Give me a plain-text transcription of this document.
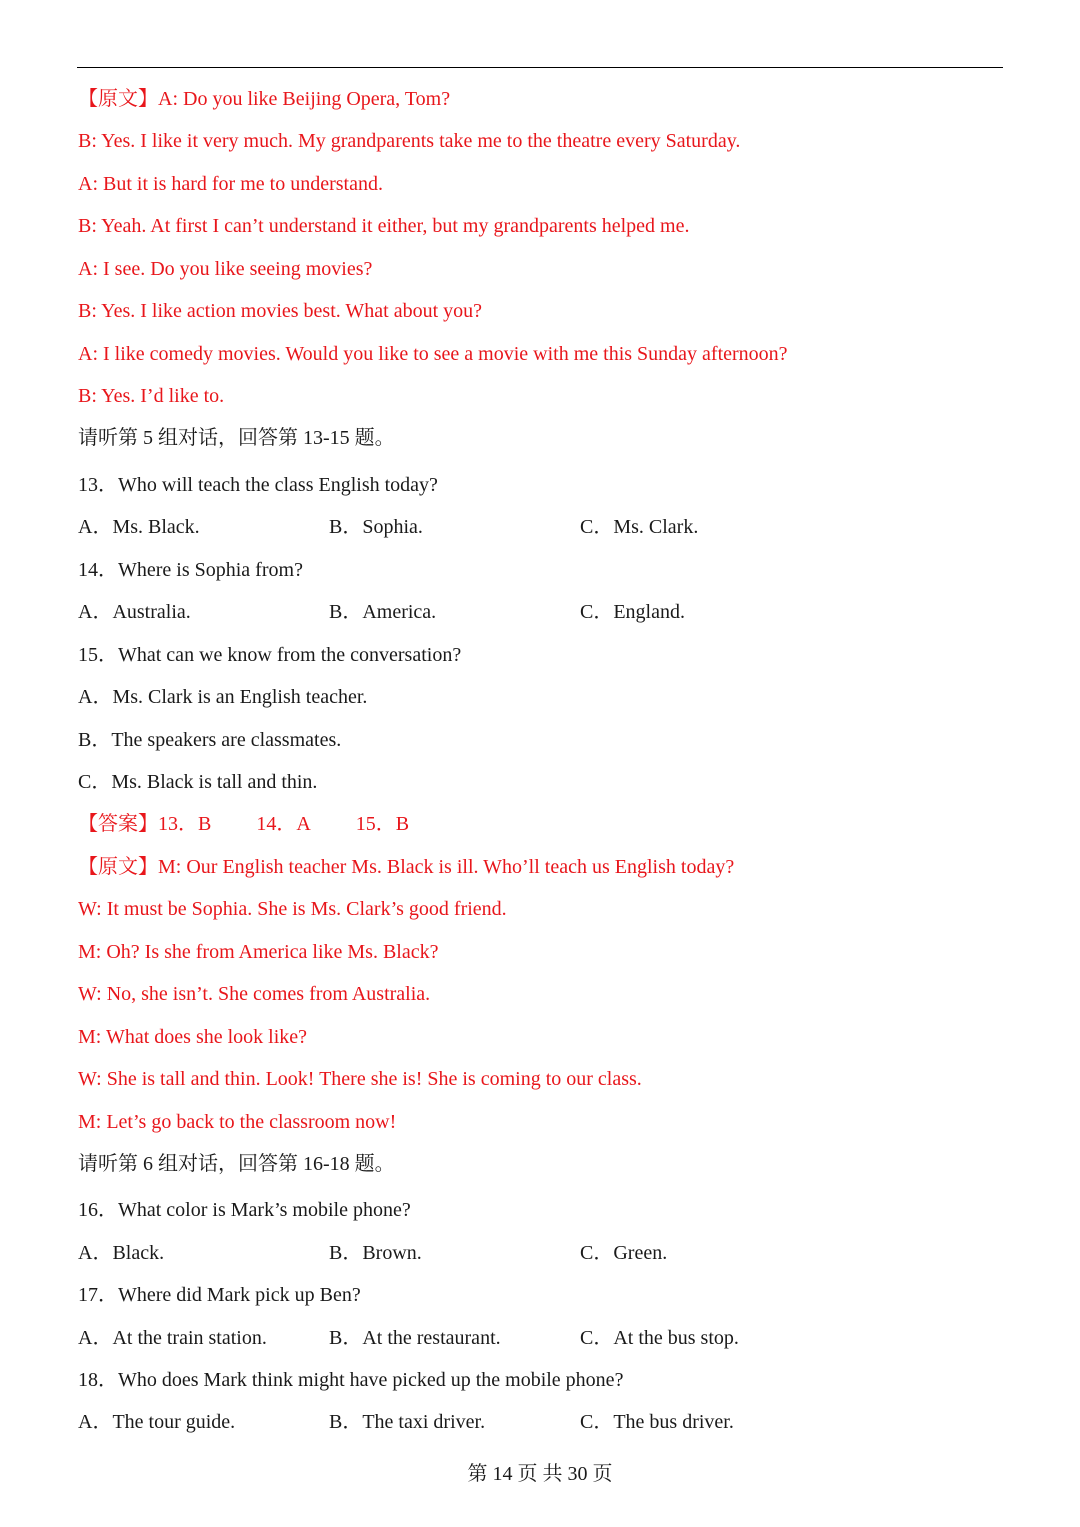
【原文】A: Do you like Beijing Opera, Tom?
B: Yes. I like it very much. My grandparents take me to the theatre every Saturday.
A: But it is hard for me to understand.
B: Yeah. At first I can’t understand it either, but my grandparents helped me.
A: I see. Do you like seeing movies?
B: Yes. I like action movies best. What about you?
A: I like comedy movies. Would you like to see a movie with me this Sunday afternoon?
B: Yes. I’d like to.
请听第 5 组对话，回答第 13-15 题。
13．Who will teach the class English today?
A．Ms. Black.	B．Sophia.	C．Ms. Clark.
14．Where is Sophia from?
A．Australia.	B．America.	C．England.
15．What can we know from the conversation?
A．Ms. Clark is an English teacher.
B．The speakers are classmates.
C．Ms. Black is tall and thin.
【答案】13．B 14．A 15．B
【原文】M: Our English teacher Ms. Black is ill. Who’ll teach us English today?
W: It must be Sophia. She is Ms. Clark’s good friend.
M: Oh? Is she from America like Ms. Black?
W: No, she isn’t. She comes from Australia.
M: What does she look like?
W: She is tall and thin. Look! There she is! She is coming to our class.
M: Let’s go back to the classroom now!
请听第 6 组对话，回答第 16-18 题。
16．What color is Mark’s mobile phone?
A．Black.	B．Brown.	C．Green.
17．Where did Mark pick up Ben?
A．At the train station.	B．At the restaurant.	C．At the bus stop.
18．Who does Mark think might have picked up the mobile phone?
A．The tour guide.	B．The taxi driver.	C．The bus driver.
第 14 页 共 30 页
